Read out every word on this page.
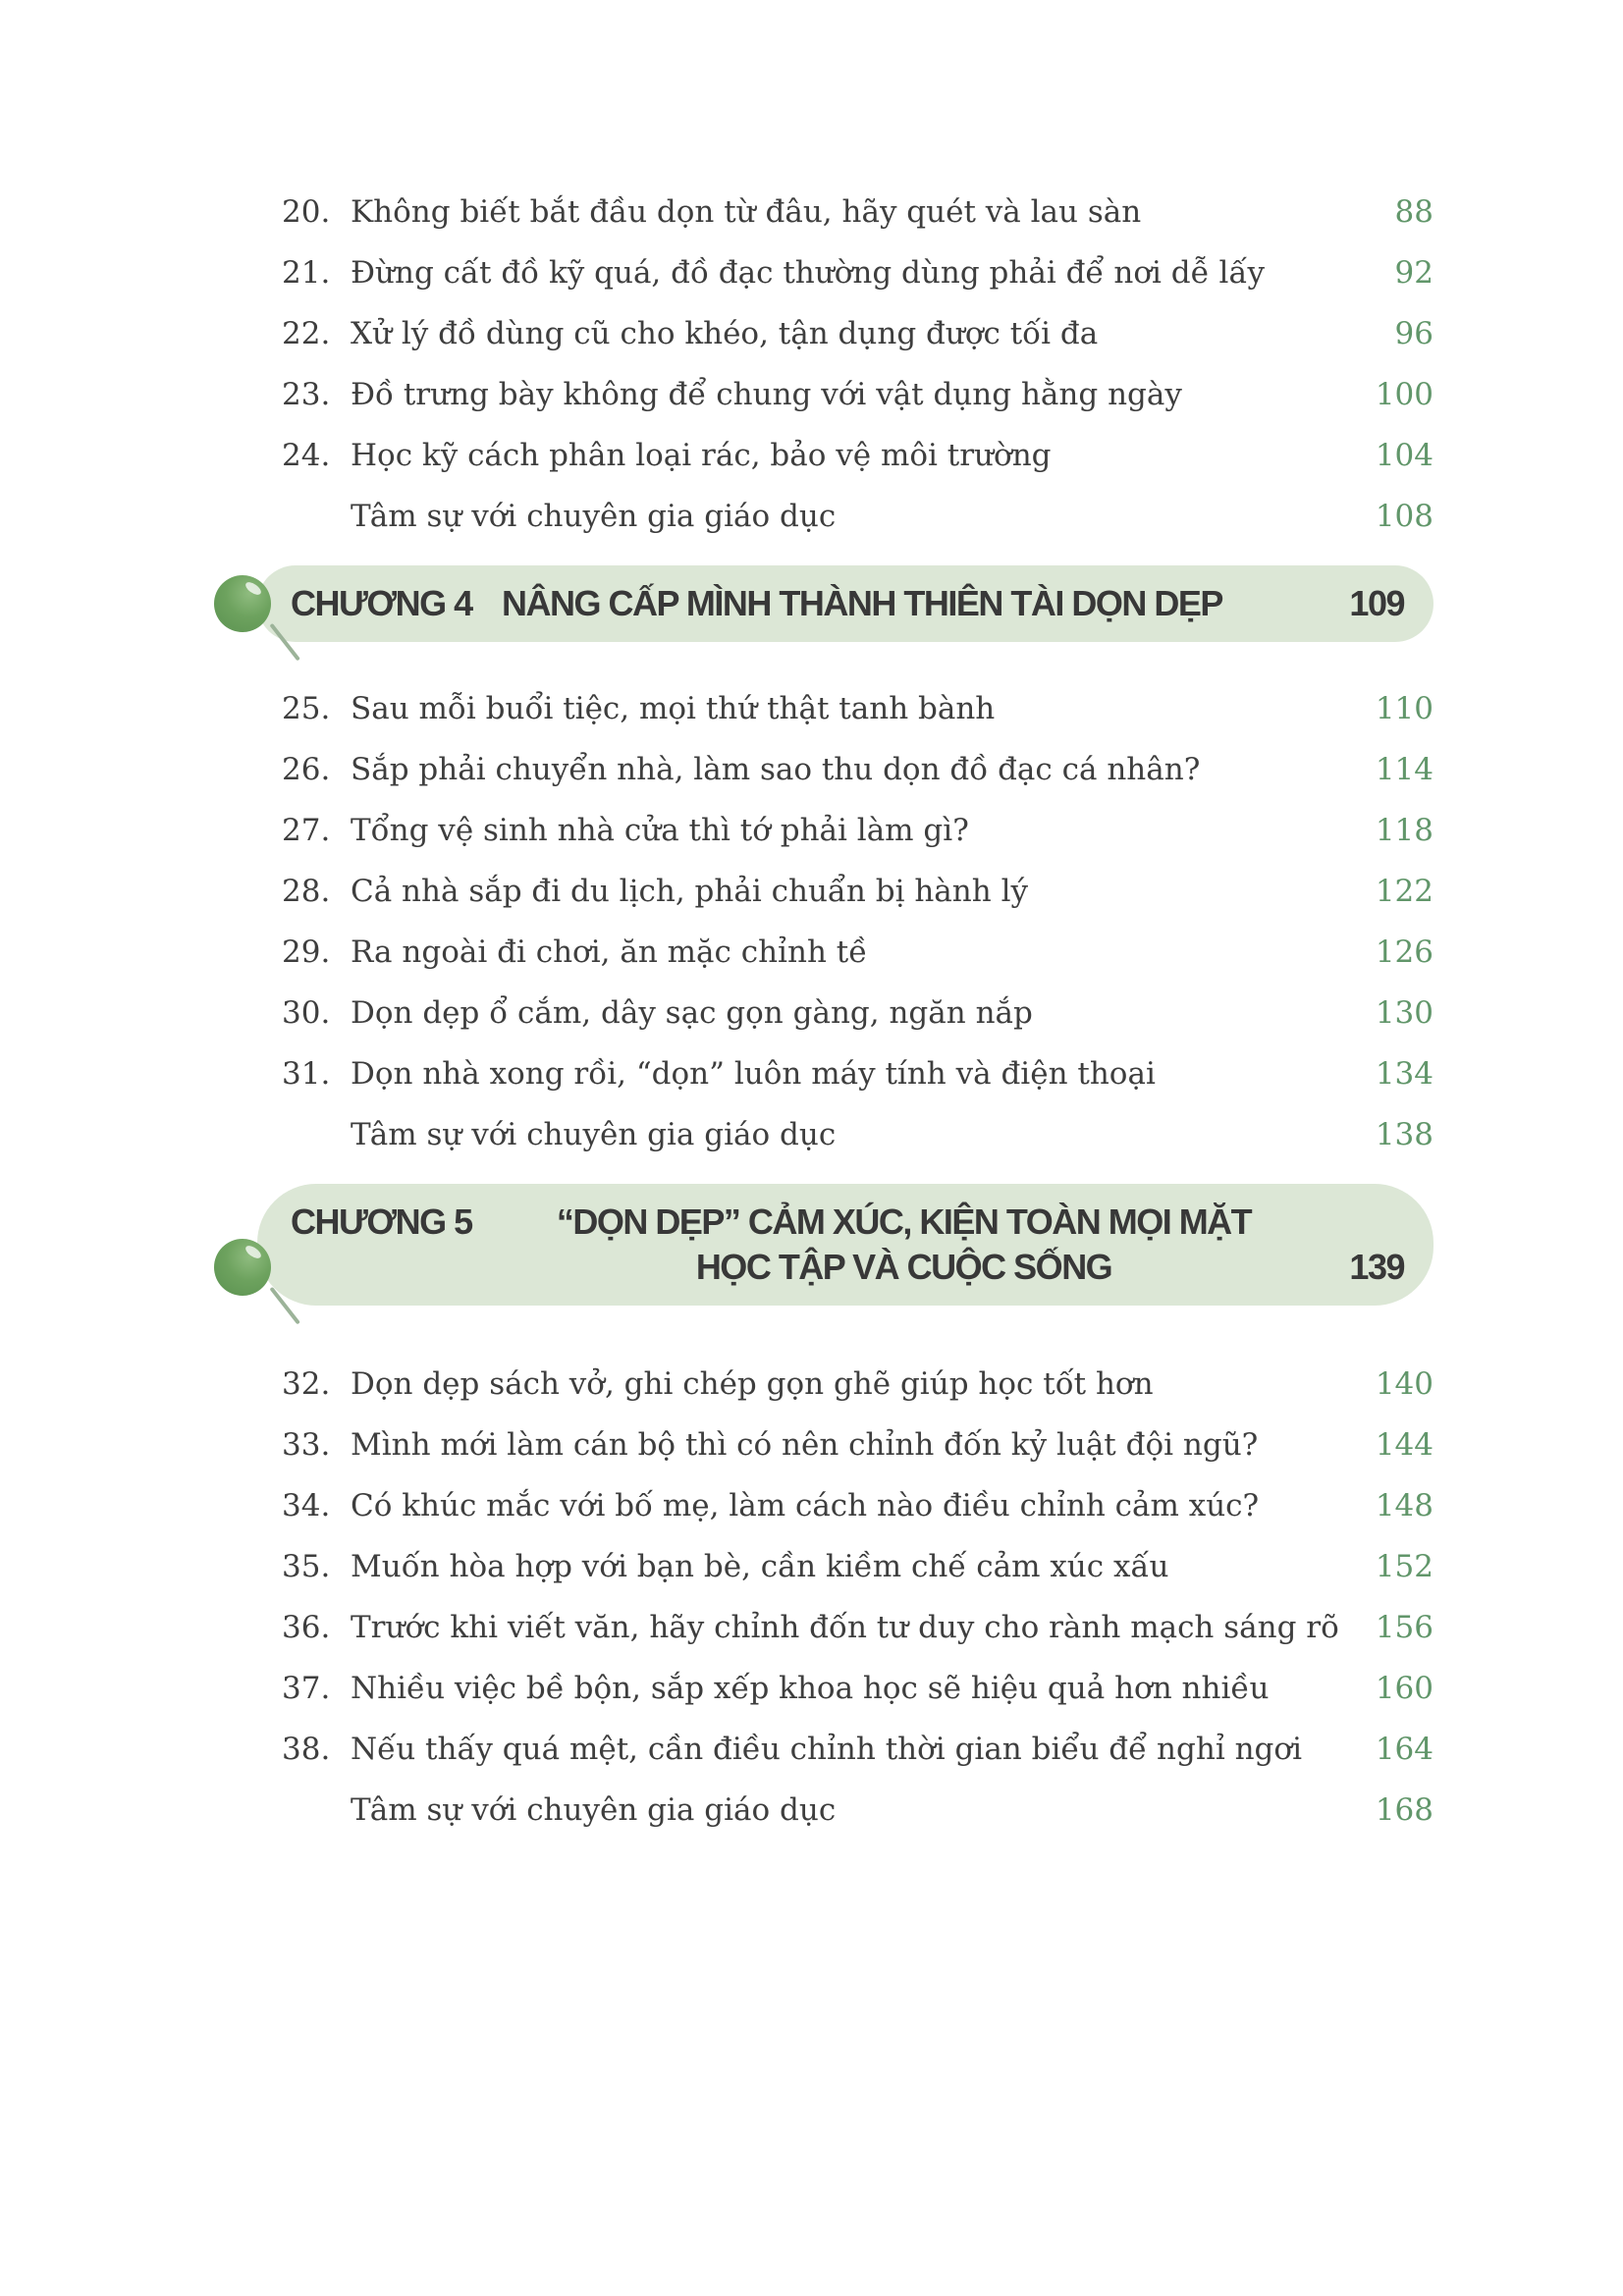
20. Không biết bắt đầu dọn từ đâu, hãy quét và lau sàn	88
21. Đừng cất đồ kỹ quá, đồ đạc thường dùng phải để nơi dễ lấy	92
22. Xử lý đồ dùng cũ cho khéo, tận dụng được tối đa	96
23. Đồ trưng bày không để chung với vật dụng hằng ngày	100
24. Học kỹ cách phân loại rác, bảo vệ môi trường	104
Tâm sự với chuyên gia giáo dục	108
CHƯƠNG 4 NÂNG CẤP MÌNH THÀNH THIÊN TÀI DỌN DẸP	109
25. Sau mỗi buổi tiệc, mọi thứ thật tanh bành	110
26. Sắp phải chuyển nhà, làm sao thu dọn đồ đạc cá nhân?	114
27. Tổng vệ sinh nhà cửa thì tớ phải làm gì?	118
28. Cả nhà sắp đi du lịch, phải chuẩn bị hành lý	122
29. Ra ngoài đi chơi, ăn mặc chỉnh tề	126
30. Dọn dẹp ổ cắm, dây sạc gọn gàng, ngăn nắp	130
31. Dọn nhà xong rồi, “dọn” luôn máy tính và điện thoại	134
Tâm sự với chuyên gia giáo dục	138
CHƯƠNG 5	“DỌN DẸP” CẢM XÚC, KIỆN TOÀN MỌI MẶT
HỌC TẬP VÀ CUỘC SỐNG	139
32. Dọn dẹp sách vở, ghi chép gọn ghẽ giúp học tốt hơn	140
33. Mình mới làm cán bộ thì có nên chỉnh đốn kỷ luật đội ngũ?	144
34. Có khúc mắc với bố mẹ, làm cách nào điều chỉnh cảm xúc?	148
35. Muốn hòa hợp với bạn bè, cần kiềm chế cảm xúc xấu	152
36. Trước khi viết văn, hãy chỉnh đốn tư duy cho rành mạch sáng rõ	156
37. Nhiều việc bề bộn, sắp xếp khoa học sẽ hiệu quả hơn nhiều	160
38. Nếu thấy quá mệt, cần điều chỉnh thời gian biểu để nghỉ ngơi	164
Tâm sự với chuyên gia giáo dục	168
